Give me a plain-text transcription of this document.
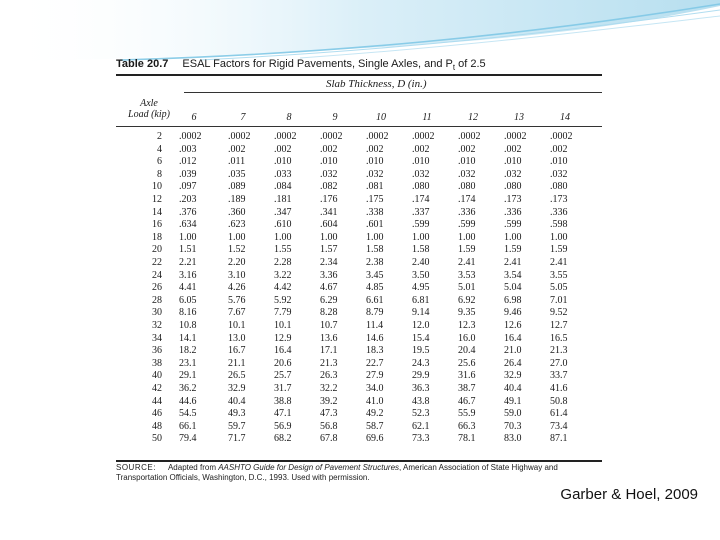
Table 20.7 ESAL Factors for Rigid Pavements, Single Axles, and $P_t$ of 2.5
Slab Thickness, D (in.)
Axle
Load (kip)	6	7	8	9	10	11	12	13	14
2 .0002	.0002	.0002	.0002	.0002	.0002	.0002	.0002	.0002
4 .003	.002	.002	.002	.002	.002	.002	.002	.002
6 .012	.011	.010	.010	.010	.010	.010	.010	.010
8 .039	.035	.033	.032	.032	.032	.032	.032	.032
10 .097	.089	.084	.082	.081	.080	.080	.080	.080
12 .203	.189	.181	.176	.175	.174	.174	.173	.173
14 .376	.360	.347	.341	.338	.337	.336	.336	.336
16 .634	.623	.610	.604	.601	.599	.599	.599	.598
18 1.00	1.00	1.00	1.00	1.00	1.00	1.00	1.00	1.00
20 1.51	1.52	1.55	1.57	1.58	1.58	1.59	1.59	1.59
22 2.21	2.20	2.28	2.34	2.38	2.40	2.41	2.41	2.41
24 3.16	3.10	3.22	3.36	3.45	3.50	3.53	3.54	3.55
26 4.41	4.26	4.42	4.67	4.85	4.95	5.01	5.04	5.05
28 6.05	5.76	5.92	6.29	6.61	6.81	6.92	6.98	7.01
30 8.16	7.67	7.79	8.28	8.79	9.14	9.35	9.46	9.52
32 10.8	10.1	10.1	10.7	11.4	12.0	12.3	12.6	12.7
34 14.1	13.0	12.9	13.6	14.6	15.4	16.0	16.4	16.5
36 18.2	16.7	16.4	17.1	18.3	19.5	20.4	21.0	21.3
38 23.1	21.1	20.6	21.3	22.7	24.3	25.6	26.4	27.0
40 29.1	26.5	25.7	26.3	27.9	29.9	31.6	32.9	33.7
42 36.2	32.9	31.7	32.2	34.0	36.3	38.7	40.4	41.6
44 44.6	40.4	38.8	39.2	41.0	43.8	46.7	49.1	50.8
46 54.5	49.3	47.1	47.3	49.2	52.3	55.9	59.0	61.4
48 66.1	59.7	56.9	56.8	58.7	62.1	66.3	70.3	73.4
50 79.4	71.7	68.2	67.8	69.6	73.3	78.1	83.0	87.1
SOURCE: Adapted from AASHTO Guide for Design of Pavement Structures, American Association of State Highway and Transportation Officials, Washington, D.C., 1993. Used with permission.
Garber & Hoel, 2009
